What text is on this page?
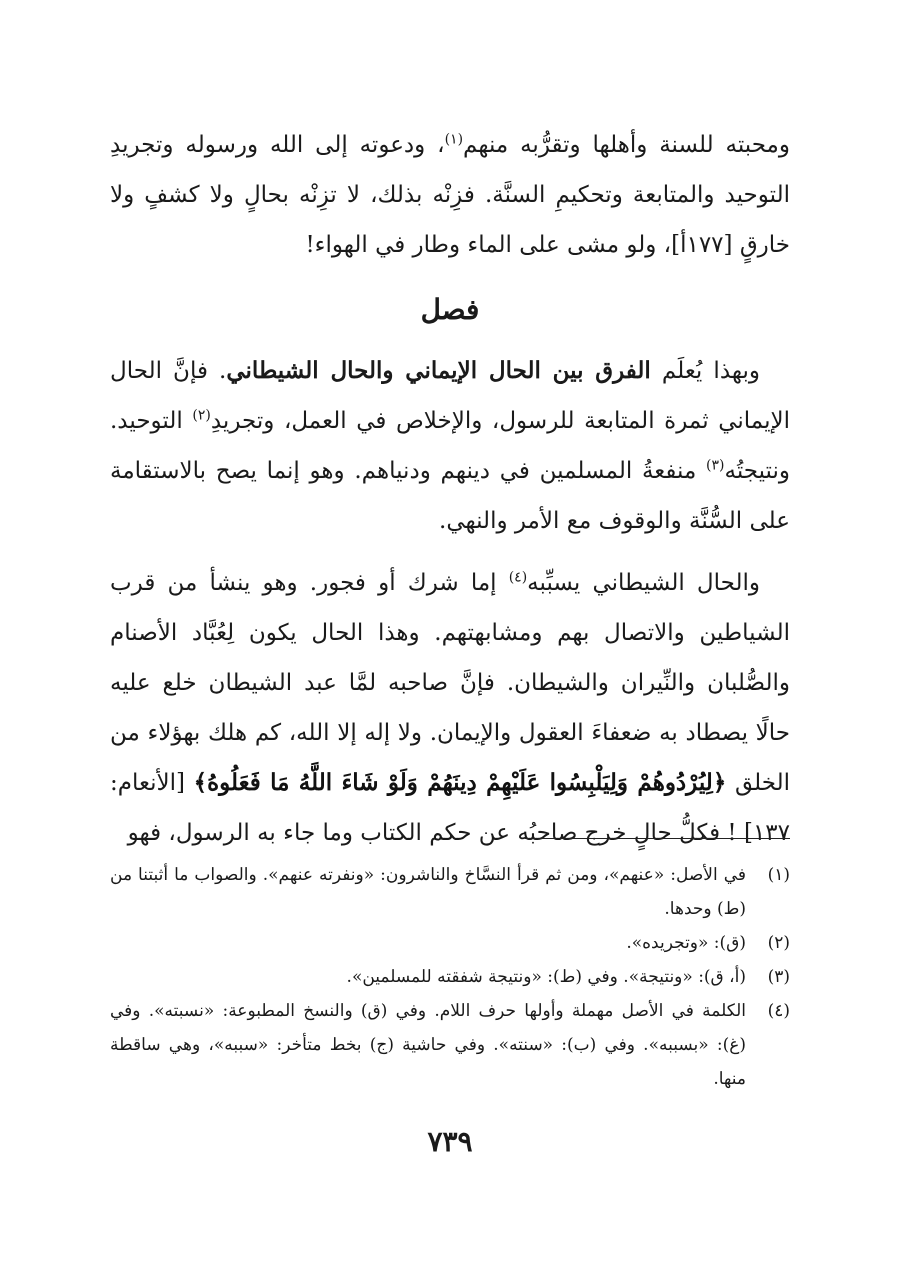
ومحبته للسنة وأهلها وتقرُّبه منهم$^{(١)}$، ودعوته إلى الله ورسوله وتجريدِ التوحيد والمتابعة وتحكيمِ السنَّة. فزِنْه بذلك، لا تزِنْه بحالٍ ولا كشفٍ ولا خارقٍ [١٧٧أ]، ولو مشى على الماء وطار في الهواء!

فصل

وبهذا يُعلَم الفرق بين الحال الإيماني والحال الشيطاني. فإنَّ الحال الإيماني ثمرة المتابعة للرسول، والإخلاص في العمل، وتجريدِ$^{(٢)}$ التوحيد. ونتيجتُه$^{(٣)}$ منفعةُ المسلمين في دينهم ودنياهم. وهو إنما يصح بالاستقامة على السُّنَّة والوقوف مع الأمر والنهي.

والحال الشيطاني يسبِّبه$^{(٤)}$ إما شرك أو فجور. وهو ينشأ من قرب الشياطين والاتصال بهم ومشابهتهم. وهذا الحال يكون لِعُبَّاد الأصنام والصُّلبان والنِّيران والشيطان. فإنَّ صاحبه لمَّا عبد الشيطان خلع عليه حالًا يصطاد به ضعفاءَ العقول والإيمان. ولا إله إلا الله، كم هلك بهؤلاء من الخلق ﴿لِيُرْدُوهُمْ وَلِيَلْبِسُوا عَلَيْهِمْ دِينَهُمْ وَلَوْ شَاءَ اللَّهُ مَا فَعَلُوهُ﴾ [الأنعام: ١٣٧] ! فكلُّ حالٍ خرج صاحبُه عن حكم الكتاب وما جاء به الرسول، فهو

(١)
في الأصل: «عنهم»، ومن ثم قرأ النسَّاخ والناشرون: «ونفرته عنهم». والصواب ما أثبتنا من (ط) وحدها.
(٢)
(ق): «وتجريده».
(٣)
(أ، ق): «ونتيجة». وفي (ط): «ونتيجة شفقته للمسلمين».
(٤)
الكلمة في الأصل مهملة وأولها حرف اللام. وفي (ق) والنسخ المطبوعة: «نسبته». وفي (غ): «بسببه». وفي (ب): «سنته». وفي حاشية (ج) بخط متأخر: «سببه»، وهي ساقطة منها.
٧٣٩
